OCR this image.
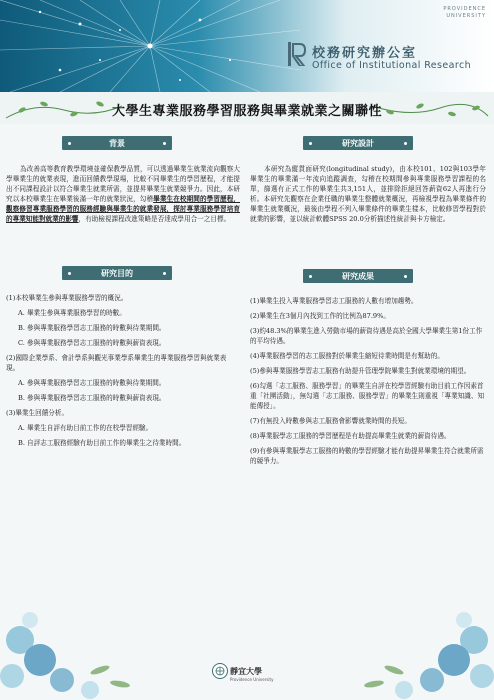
PROVIDENCE
UNIVERSITY
校務研究辦公室
Office of Institutional Research
大學生專業服務學習服務與畢業就業之關聯性
背景
為改善高等教育教學環境並確保教學品質，可以透過畢業生就業流向觀察大學畢業生的就業表現，進而回饋教學現場，比較不同畢業生的學習歷程，才能提出不同課程設計以符合畢業生就業所需，並提昇畢業生就業競爭力。因此，本研究以本校畢業生在畢業後滿一年的就業狀況，勾稽畢業生在校期間的學習歷程，觀察修習專業服務學習的服務經驗與畢業生的就業發展，探討專業服務學習培育的專業知能對就業的影響，有助檢視課程改進策略是否達成學用合一之目標。
研究目的
(1)本校畢業生參與專業服務學習的概況。
A. 畢業生參與專業服務學習的時數。
B. 參與專業服務學習志工服務的時數與待業期間。
C. 參與專業服務學習志工服務的時數與薪資表現。
(2)國際企業學系、會計學系與觀光事業學系畢業生的專業服務學習與就業表現。
A. 參與專業服務學習志工服務的時數與待業期間。
B. 參與專業服務學習志工服務的時數與薪資表現。
(3)畢業生回饋分析。
A. 畢業生自評有助目前工作的在校學習經驗。
B. 自評志工服務經驗有助目前工作的畢業生之待業時間。
研究設計
本研究為縱貫面研究(longitudinal study)，由本校101、102與103學年畢業生的畢業滿一年流向追蹤調查，勾稽在校期間參與專業服務學習課程的名單，篩選有正式工作的畢業生共3,151人，並排除拒絕回答薪資62人再進行分析。本研究先觀察在企業任職的畢業生整體就業概況，再檢視學程為畢業條件的畢業生就業概況，最後由學程不列入畢業條件的畢業生樣本，比較修習學程對於就業的影響，並以統計軟體SPSS 20.0分析描述性統計與卡方檢定。
研究成果
(1)畢業生投入專業服務學習志工服務的人數有增加趨勢。
(2)畢業生在3個月內找到工作的比例為87.9%。
(3)約48.3%的畢業生進入勞動市場的薪資待遇是高於全國大學畢業生第1份工作的平均待遇。
(4)專業服務學習的志工服務對於畢業生縮短待業時間是有幫助的。
(5)參與專業服務學習志工服務有助提升管理學院畢業生對就業環境的期望。
(6)勾選「志工服務、服務學習」的畢業生自評在校學習經驗有助目前工作因素首重「社團活動」，無勾選「志工服務、服務學習」的畢業生則重視「專業知識、知能傳授」。
(7)有無投入時數參與志工服務會影響就業時間的長短。
(8)專業服學志工服務的學習歷程是有助提高畢業生就業的薪資待遇。
(9)有參與專業服學志工服務的時數的學習經驗才能有助提昇畢業生符合就業所需的競爭力。
靜宜大學
Providence University
